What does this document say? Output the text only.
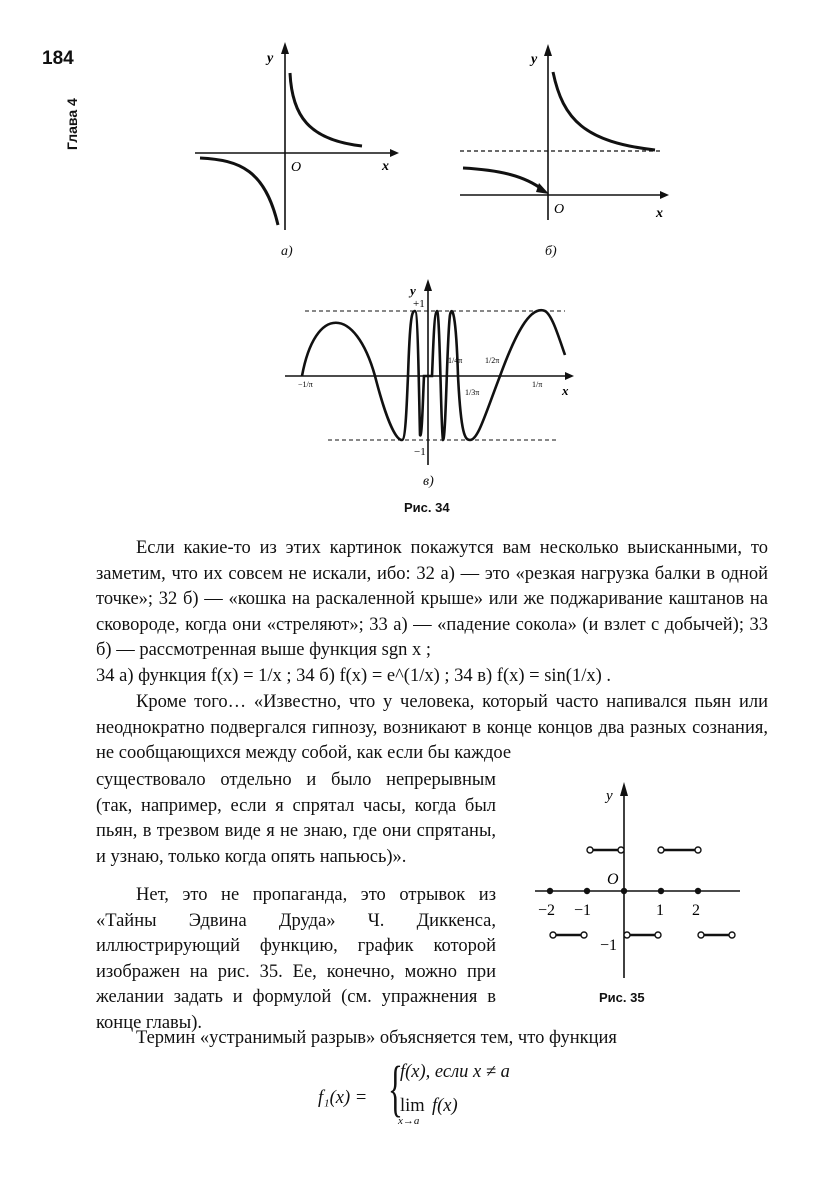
184
Глава 4
y
x
O
а)
y
x
O
б)
y
x
+1
−1
−1/π	1/π
1/4π
1/3π
1/2π
в)
Рис. 34
Если какие-то из этих картинок покажутся вам несколько выисканными, то заметим, что их совсем не искали, ибо: 32 а) — это «резкая нагрузка балки в одной точке»; 32 б) — «кошка на раскаленной крыше» или же поджаривание каштанов на сковороде, когда они «стреляют»; 33 а) — «падение сокола» (и взлет с добычей); 33 б) — рассмотренная выше функция sgn x ;
34 а) функция f(x) = 1/x ; 34 б) f(x) = e^(1/x) ; 34 в) f(x) = sin(1/x) .
Кроме того… «Известно, что у человека, который часто напивался пьян или неоднократно подвергался гипнозу, возникают в конце концов два разных сознания, не сообщающихся между собой, как если бы каждое
существовало отдельно и было непрерывным (так, например, если я спрятал часы, когда был пьян, в трезвом виде я не знаю, где они спрятаны, и узнаю, только когда опять напьюсь)».
Нет, это не пропаганда, это отрывок из «Тайны Эдвина Друда» Ч. Диккенса, иллюстрирующий функцию, график которой изображен на рис. 35. Ее, конечно, можно при желании задать и формулой (см. упражнения в конце главы).
Термин «устранимый разрыв» объясняется тем, что функция
y
O
−2 −1	1 2
−1
Рис. 35
f₁(x) = {
f(x), если x ≠ a
lim
x→a
f(x)
